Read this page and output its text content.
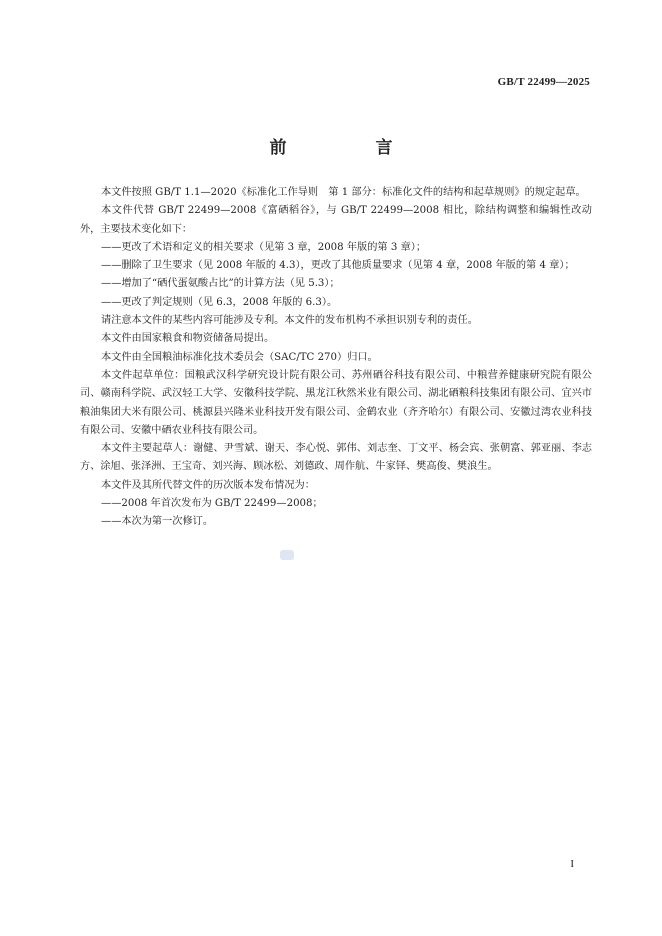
GB/T 22499—2025
前　言

本文件按照 GB/T 1.1—2020《标准化工作导则　第 1 部分：标准化文件的结构和起草规则》的规定起草。

本文件代替 GB/T 22499—2008《富硒稻谷》，与 GB/T 22499—2008 相比，除结构调整和编辑性改动外，主要技术变化如下：

——更改了术语和定义的相关要求（见第 3 章，2008 年版的第 3 章）；

——删除了卫生要求（见 2008 年版的 4.3），更改了其他质量要求（见第 4 章，2008 年版的第 4 章）；

——增加了“硒代蛋氨酸占比”的计算方法（见 5.3）；

——更改了判定规则（见 6.3，2008 年版的 6.3）。

请注意本文件的某些内容可能涉及专利。本文件的发布机构不承担识别专利的责任。

本文件由国家粮食和物资储备局提出。

本文件由全国粮油标准化技术委员会（SAC/TC 270）归口。

本文件起草单位：国粮武汉科学研究设计院有限公司、苏州硒谷科技有限公司、中粮营养健康研究院有限公司、赣南科学院、武汉轻工大学、安徽科技学院、黑龙江秋然米业有限公司、湖北硒粮科技集团有限公司、宜兴市粮油集团大米有限公司、桃源县兴隆米业科技开发有限公司、金鹤农业（齐齐哈尔）有限公司、安徽过湾农业科技有限公司、安徽中硒农业科技有限公司。

本文件主要起草人：谢健、尹雪斌、谢天、李心悦、郭伟、刘志奎、丁文平、杨会宾、张朝富、郭亚丽、李志方、涂旭、张泽洲、王宝奇、刘兴海、顾冰松、刘德政、周作航、牛家铎、樊高俊、樊浪生。

本文件及其所代替文件的历次版本发布情况为：

——2008 年首次发布为 GB/T 22499—2008；

——本次为第一次修订。

I
